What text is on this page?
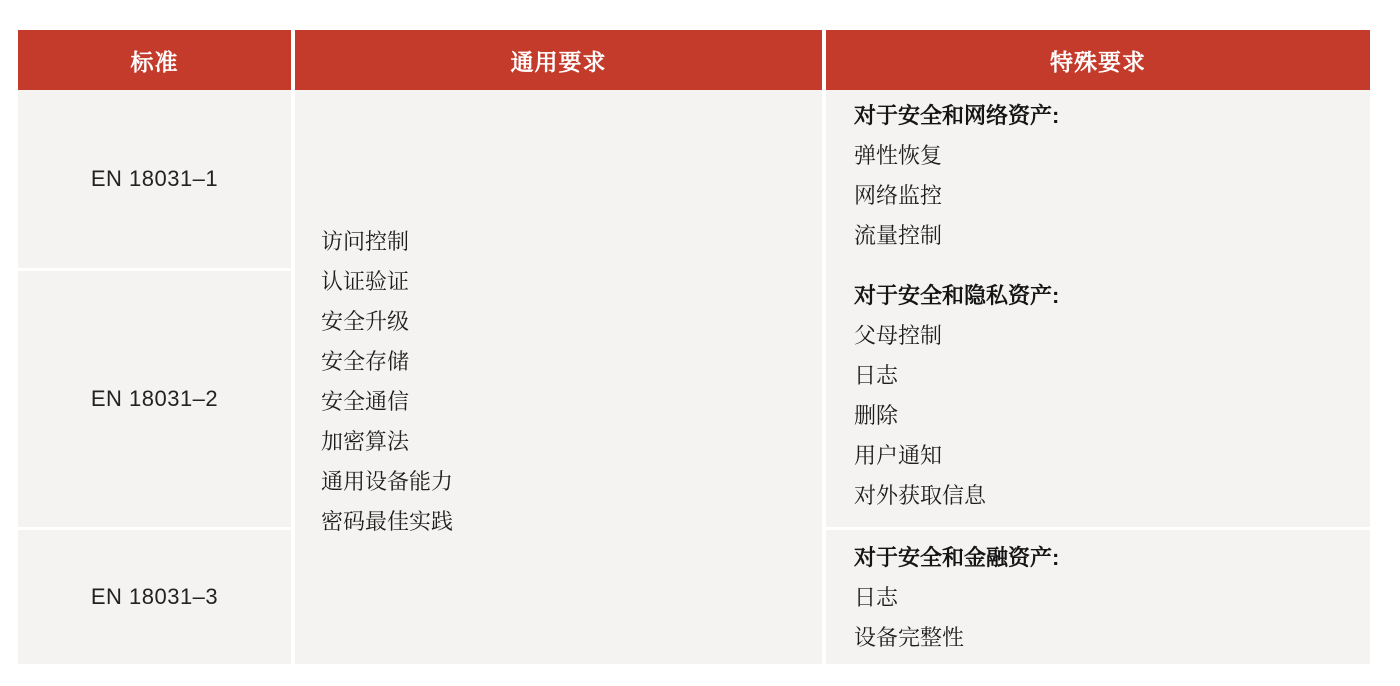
标准	通用要求	特殊要求
EN 18031–1
EN 18031–2
EN 18031–3
访问控制
认证验证
安全升级
安全存储
安全通信
加密算法
通用设备能力
密码最佳实践
对于安全和网络资产:
弹性恢复
网络监控
流量控制
对于安全和隐私资产:
父母控制
日志
删除
用户通知
对外获取信息
对于安全和金融资产:
日志
设备完整性
